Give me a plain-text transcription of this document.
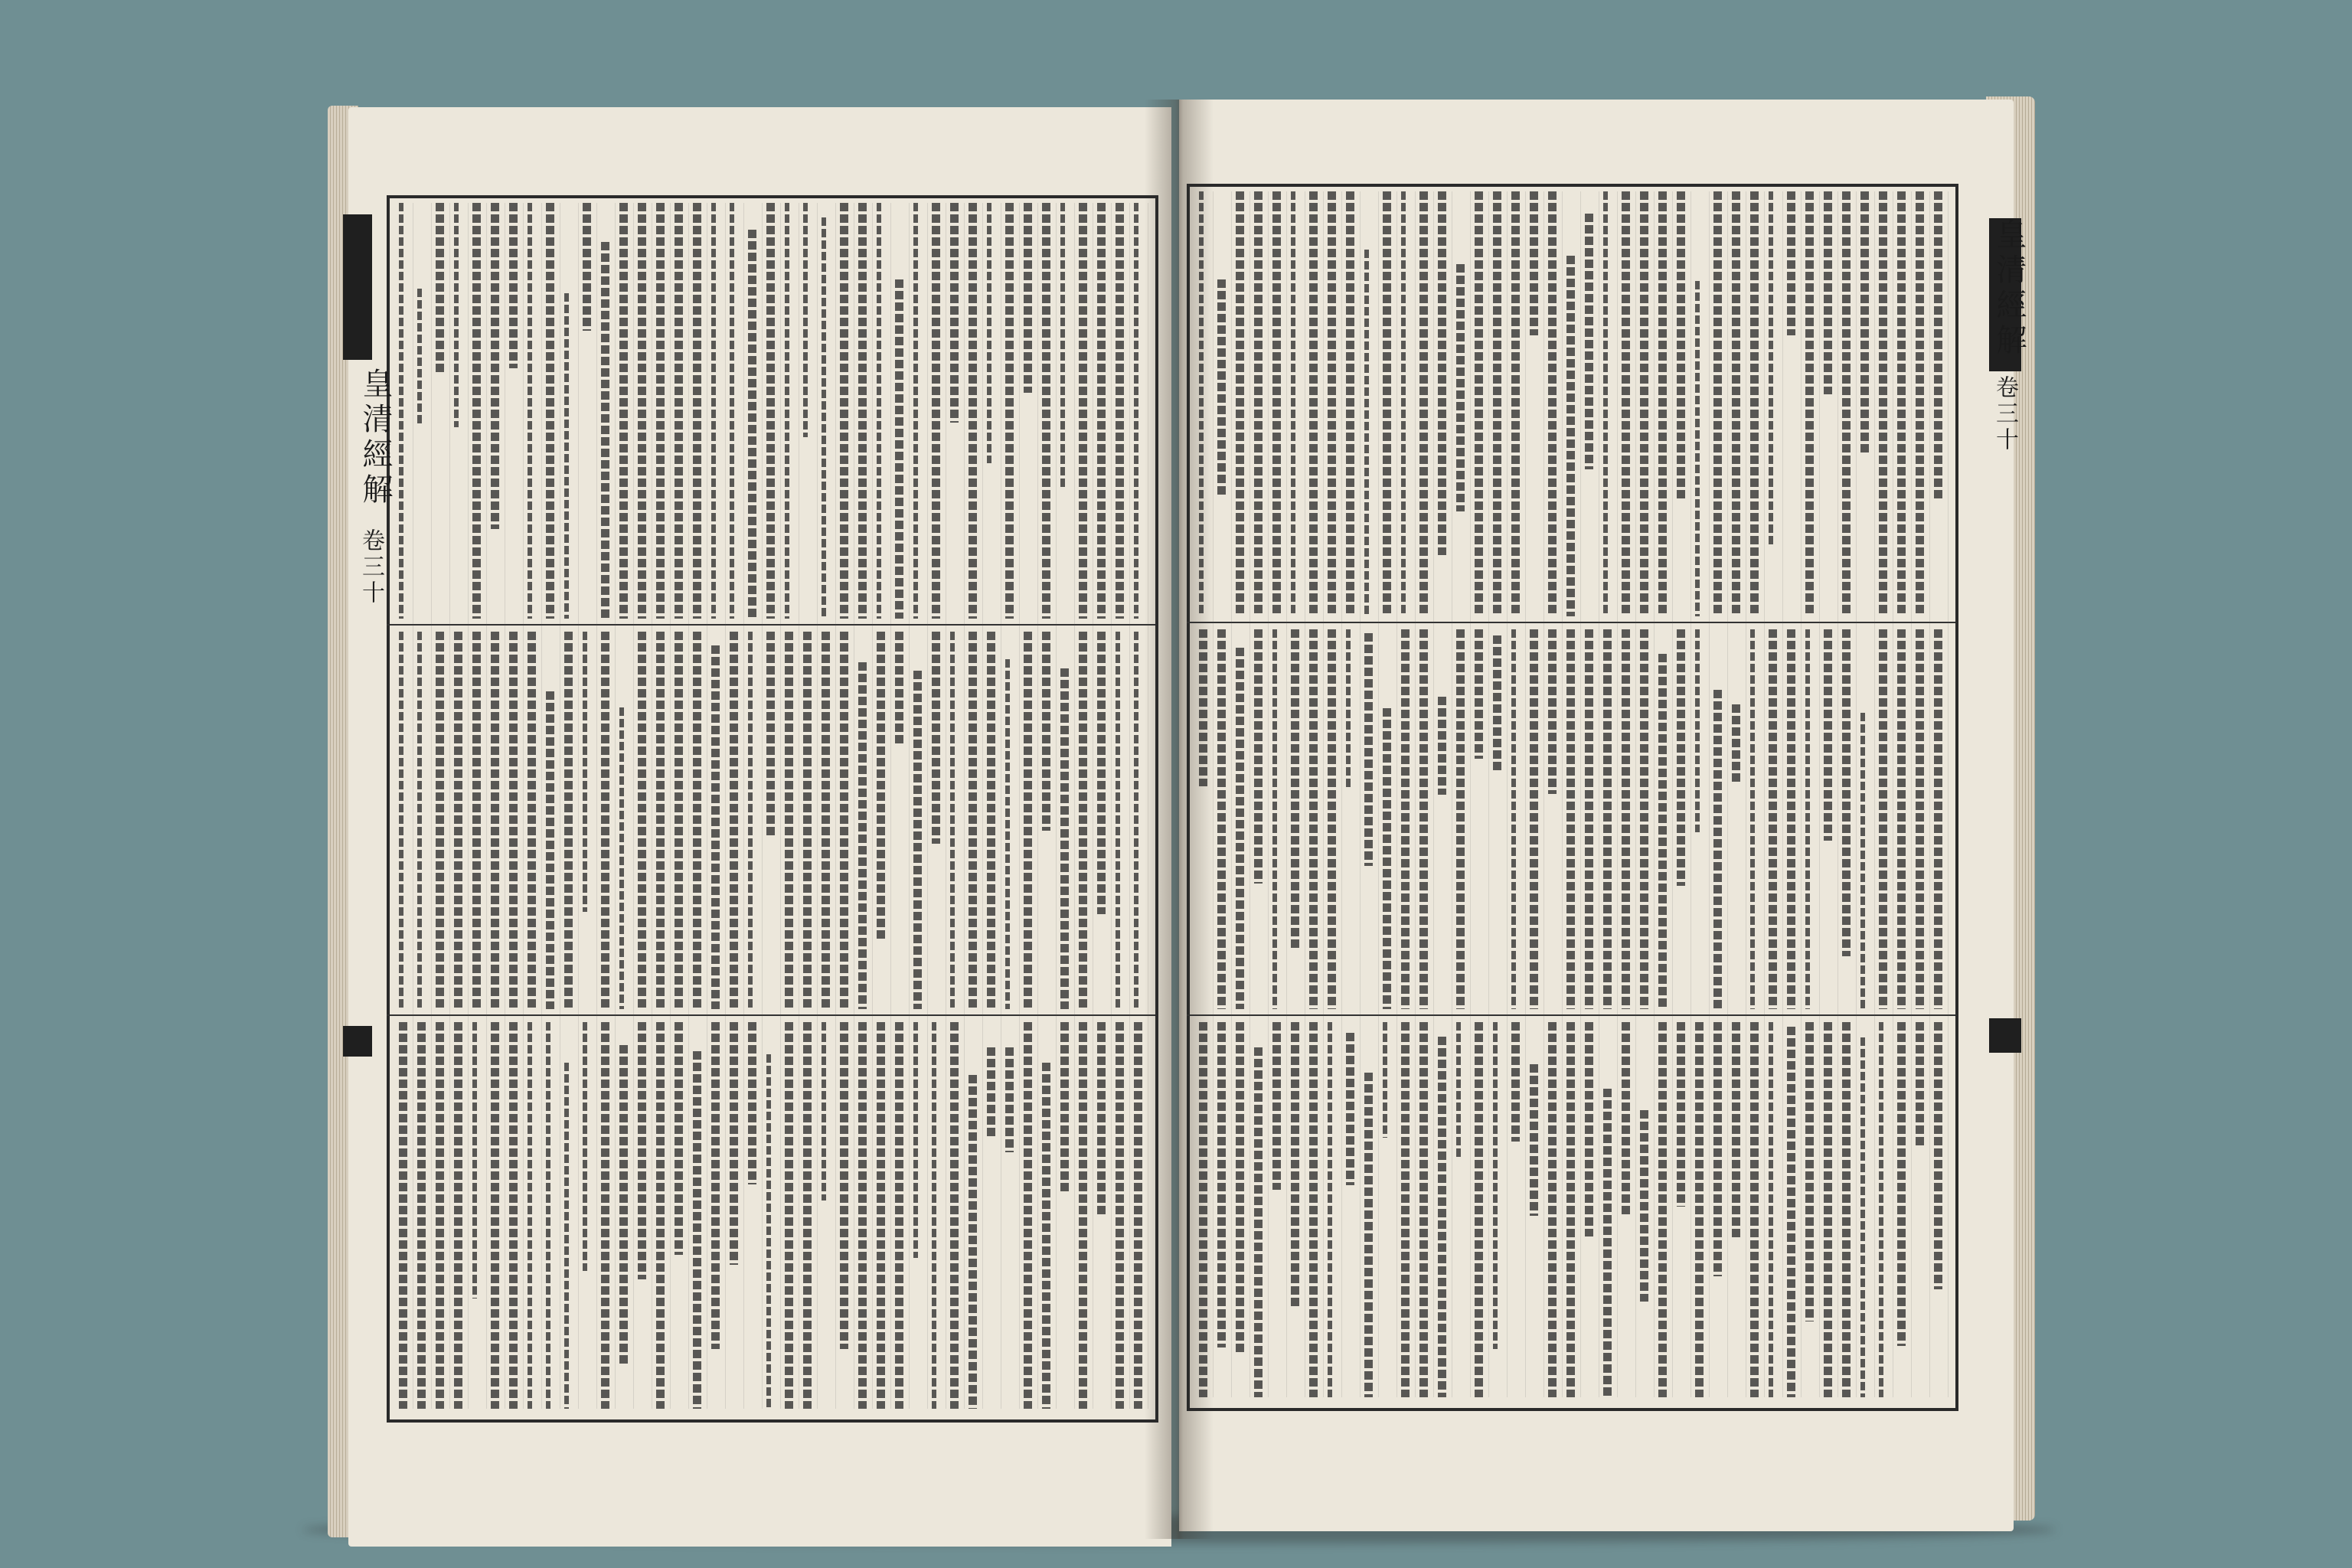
皇清經解
卷三十
皇清經解
卷三十
